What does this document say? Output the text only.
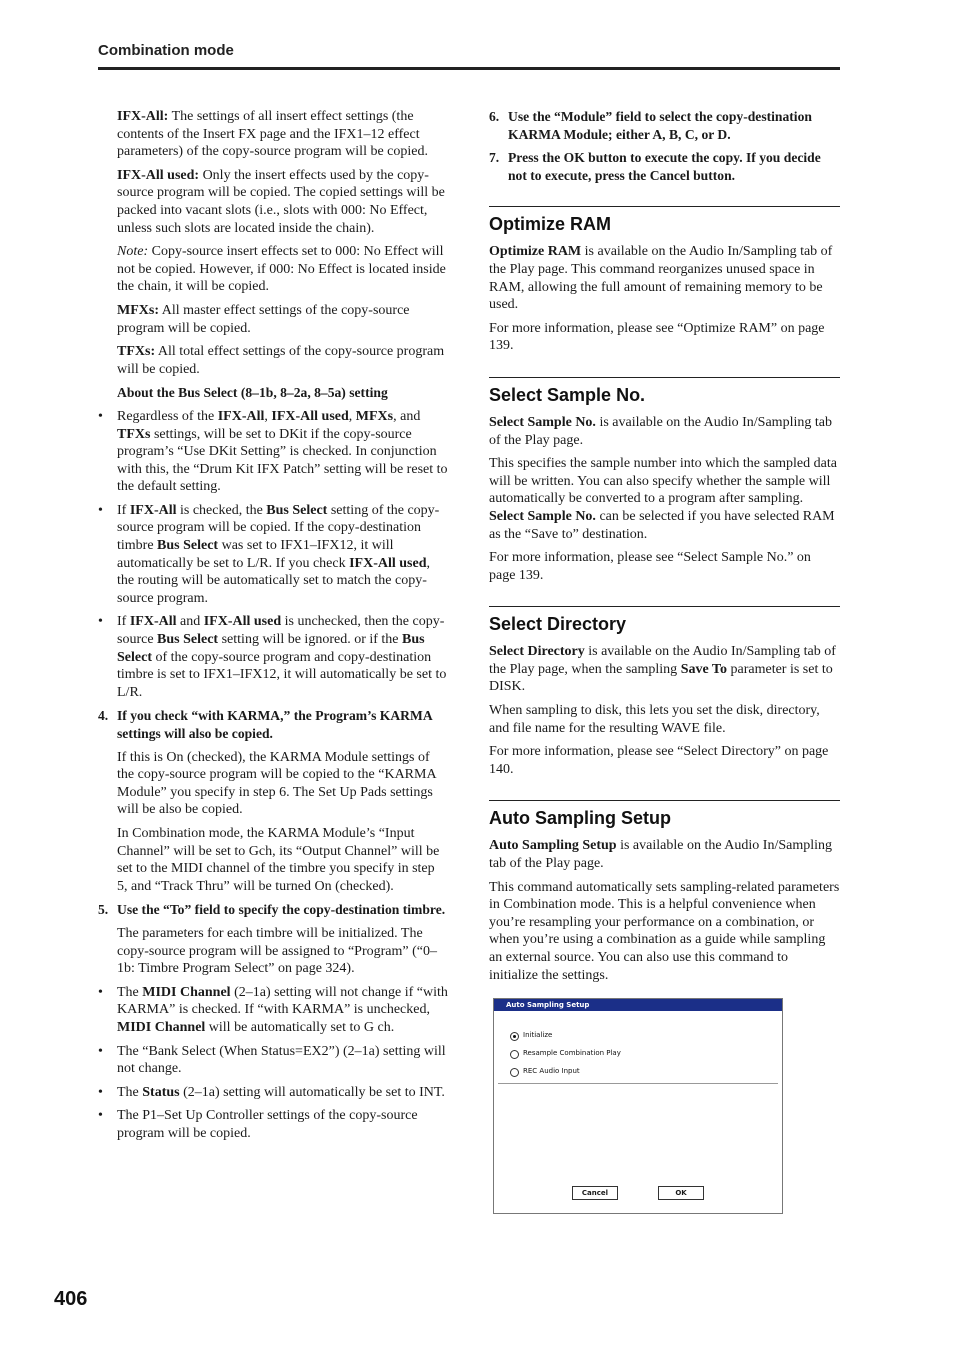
Combination mode

IFX-All: The settings of all insert effect settings (the contents of the Insert FX page and the IFX1–12 effect parameters) of the copy-source program will be copied.

IFX-All used: Only the insert effects used by the copy-source program will be copied. The copied settings will be packed into vacant slots (i.e., slots with 000: No Effect, unless such slots are located inside the chain).

Note: Copy-source insert effects set to 000: No Effect will not be copied. However, if 000: No Effect is located inside the chain, it will be copied.

MFXs: All master effect settings of the copy-source program will be copied.

TFXs: All total effect settings of the copy-source program will be copied.

About the Bus Select (8–1b, 8–2a, 8–5a) setting

• Regardless of the IFX-All, IFX-All used, MFXs, and TFXs settings, will be set to DKit if the copy-source program’s “Use DKit Setting” is checked. In conjunction with this, the “Drum Kit IFX Patch” setting will be reset to the default setting.
• If IFX-All is checked, the Bus Select setting of the copy-source program will be copied. If the copy-destination timbre Bus Select was set to IFX1–IFX12, it will automatically be set to L/R. If you check IFX-All used, the routing will be automatically set to match the copy-source program.
• If IFX-All and IFX-All used is unchecked, then the copy-source Bus Select setting will be ignored. or if the Bus Select of the copy-source program and copy-destination timbre is set to IFX1–IFX12, it will automatically be set to L/R.
4. If you check “with KARMA,” the Program’s KARMA settings will also be copied.

If this is On (checked), the KARMA Module settings of the copy-source program will be copied to the “KARMA Module” you specify in step 6. The Set Up Pads settings will be also be copied.

In Combination mode, the KARMA Module’s “Input Channel” will be set to Gch, its “Output Channel” will be set to the MIDI channel of the timbre you specify in step 5, and “Track Thru” will be turned On (checked).

5. Use the “To” field to specify the copy-destination timbre.

The parameters for each timbre will be initialized. The copy-source program will be assigned to “Program” (“0–1b: Timbre Program Select” on page 324).

• The MIDI Channel (2–1a) setting will not change if “with KARMA” is checked. If “with KARMA” is unchecked, MIDI Channel will be automatically set to G ch.
• The “Bank Select (When Status=EX2”) (2–1a) setting will not change.
• The Status (2–1a) setting will automatically be set to INT.
• The P1–Set Up Controller settings of the copy-source program will be copied.
6. Use the “Module” field to select the copy-destination KARMA Module; either A, B, C, or D.
7. Press the OK button to execute the copy. If you decide not to execute, press the Cancel button.
Optimize RAM

Optimize RAM is available on the Audio In/Sampling tab of the Play page. This command reorganizes unused space in RAM, allowing the full amount of remaining memory to be used.

For more information, please see “Optimize RAM” on page 139.

Select Sample No.

Select Sample No. is available on the Audio In/Sampling tab of the Play page.

This specifies the sample number into which the sampled data will be written. You can also specify whether the sample will automatically be converted to a program after sampling. Select Sample No. can be selected if you have selected RAM as the “Save to” destination.

For more information, please see “Select Sample No.” on page 139.

Select Directory

Select Directory is available on the Audio In/Sampling tab of the Play page, when the sampling Save To parameter is set to DISK.

When sampling to disk, this lets you set the disk, directory, and file name for the resulting WAVE file.

For more information, please see “Select Directory” on page 140.

Auto Sampling Setup

Auto Sampling Setup is available on the Audio In/Sampling tab of the Play page.

This command automatically sets sampling-related parameters in Combination mode. This is a helpful convenience when you’re resampling your performance on a combination, or when you’re using a combination as a guide while sampling an external source. You can also use this command to initialize the settings.

Auto Sampling Setup
Initialize
Resample Combination Play
REC Audio Input
Cancel	OK
406
